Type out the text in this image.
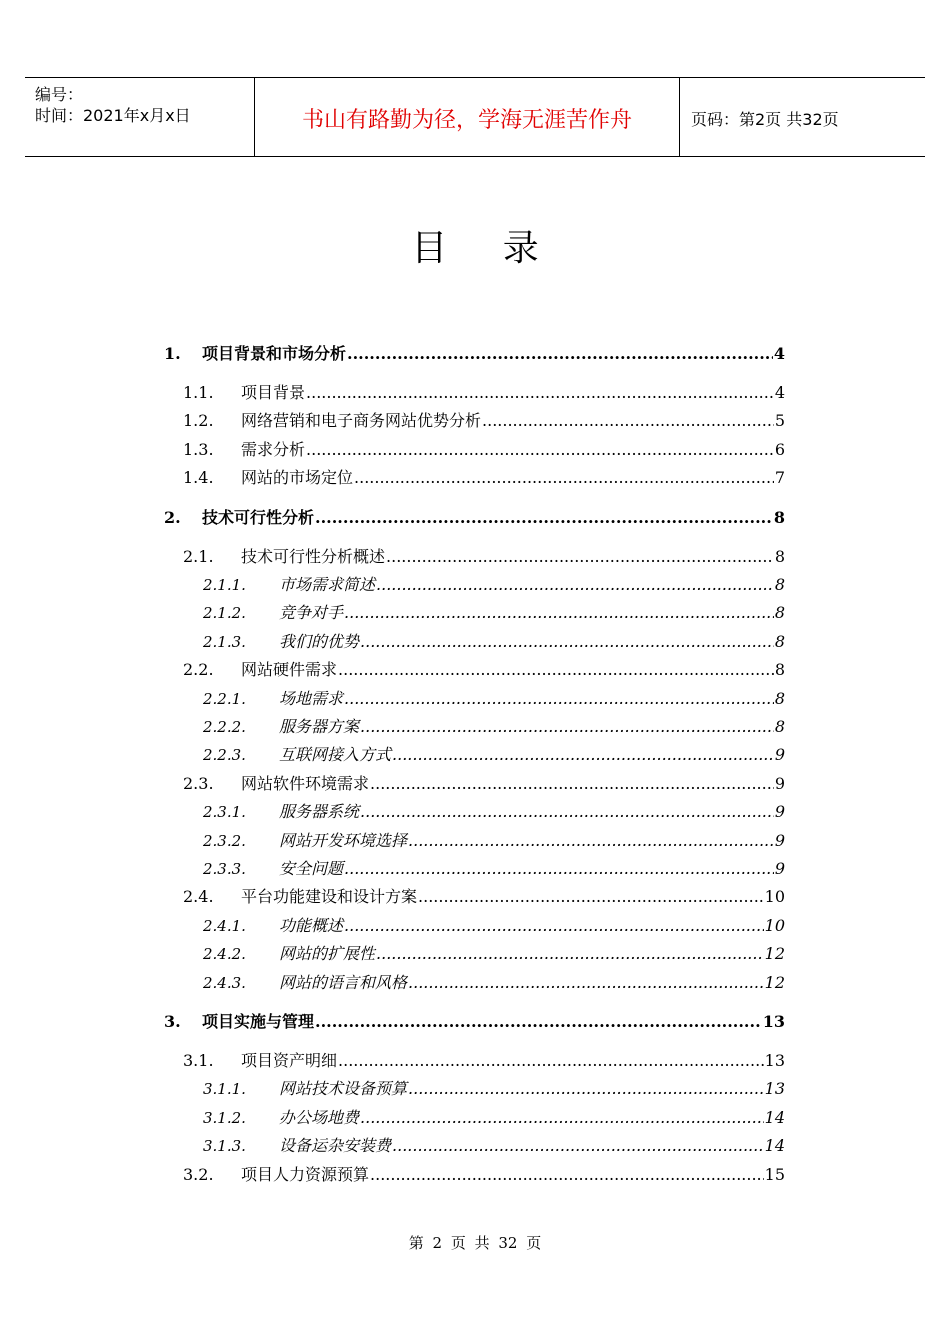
编号：
时间：2021年x月x日	书山有路勤为径，学海无涯苦作舟	页码：第2页 共32页
目 录
1.	项目背景和市场分析 .....	4
1.1.	项目背景 .....	4
1.2.	网络营销和电子商务网站优势分析 .....	5
1.3.	需求分析 .....	6
1.4.	网站的市场定位 .....	7
2.	技术可行性分析 .....	8
2.1.	技术可行性分析概述 .....	8
2.1.1.	市场需求简述 .....	8
2.1.2.	竞争对手 .....	8
2.1.3.	我们的优势 .....	8
2.2.	网站硬件需求 .....	8
2.2.1.	场地需求 .....	8
2.2.2.	服务器方案 .....	8
2.2.3.	互联网接入方式 .....	9
2.3.	网站软件环境需求 .....	9
2.3.1.	服务器系统 .....	9
2.3.2.	网站开发环境选择 .....	9
2.3.3.	安全问题 .....	9
2.4.	平台功能建设和设计方案 .....	10
2.4.1.	功能概述 .....	10
2.4.2.	网站的扩展性 .....	12
2.4.3.	网站的语言和风格 .....	12
3.	项目实施与管理 .....	13
3.1.	项目资产明细 .....	13
3.1.1.	网站技术设备预算 .....	13
3.1.2.	办公场地费 .....	14
3.1.3.	设备运杂安装费 .....	14
3.2.	项目人力资源预算 .....	15
第 2 页 共 32 页
